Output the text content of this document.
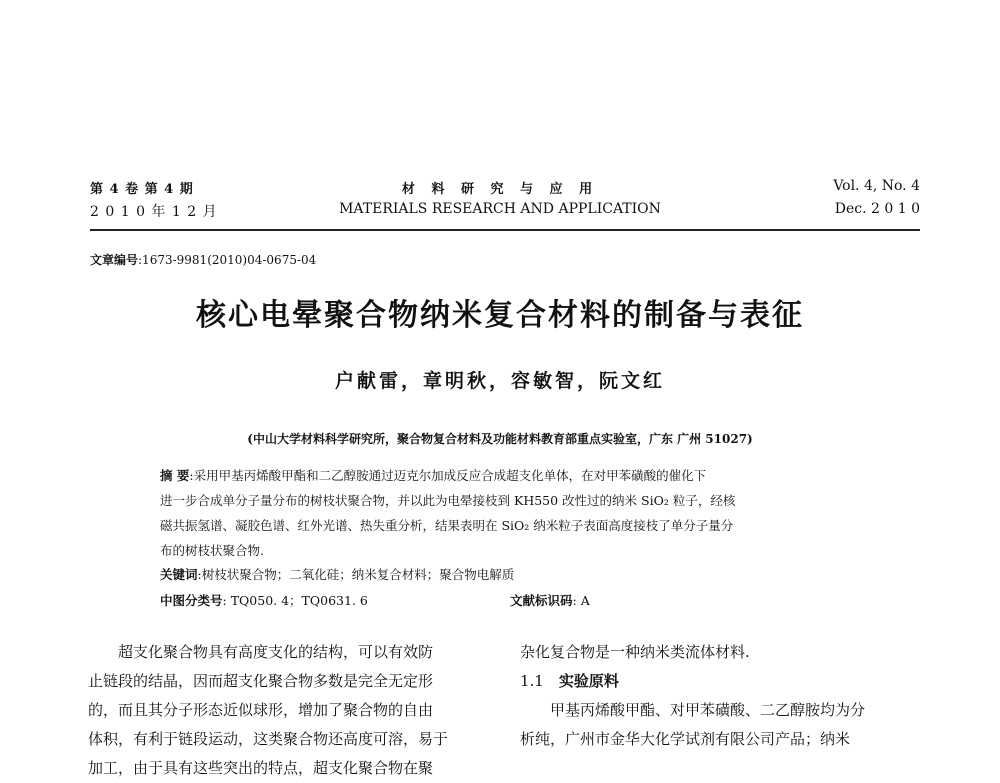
第 4 卷 第 4 期
2 0 1 0 年 1 2 月
材 料 研 究 与 应 用
MATERIALS RESEARCH AND APPLICATION
Vol. 4, No. 4
Dec. 2 0 1 0
文章编号:1673-9981(2010)04-0675-04
核心电晕聚合物纳米复合材料的制备与表征
户献雷，章明秋，容敏智，阮文红
(中山大学材料科学研究所，聚合物复合材料及功能材料教育部重点实验室，广东 广州 51027)
摘 要:采用甲基丙烯酸甲酯和二乙醇胺通过迈克尔加成反应合成超支化单体，在对甲苯磺酸的催化下
进一步合成单分子量分布的树枝状聚合物，并以此为电晕接枝到 KH550 改性过的纳米 SiO₂ 粒子，经核
磁共振氢谱、凝胶色谱、红外光谱、热失重分析，结果表明在 SiO₂ 纳米粒子表面高度接枝了单分子量分
布的树枝状聚合物.
关键词:树枝状聚合物；二氧化硅；纳米复合材料；聚合物电解质
中图分类号: TQ050. 4；TQ0631. 6	文献标识码: A
　　超支化聚合物具有高度支化的结构，可以有效防
止链段的结晶，因而超支化聚合物多数是完全无定形
的，而且其分子形态近似球形，增加了聚合物的自由
体积，有利于链段运动，这类聚合物还高度可溶，易于
加工，由于具有这些突出的特点，超支化聚合物在聚
杂化复合物是一种纳米类流体材料.
1.1　 实验原料
　　甲基丙烯酸甲酯、对甲苯磺酸、二乙醇胺均为分
析纯，广州市金华大化学试剂有限公司产品；纳米
